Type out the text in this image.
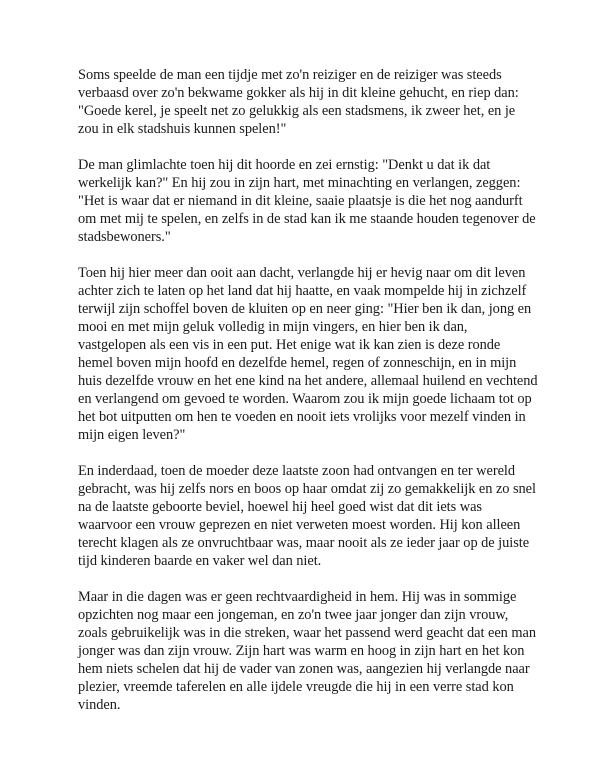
Soms speelde de man een tijdje met zo'n reiziger en de reiziger was steeds verbaasd over zo'n bekwame gokker als hij in dit kleine gehucht, en riep dan: "Goede kerel, je speelt net zo gelukkig als een stadsmens, ik zweer het, en je zou in elk stadshuis kunnen spelen!"

De man glimlachte toen hij dit hoorde en zei ernstig: "Denkt u dat ik dat werkelijk kan?" En hij zou in zijn hart, met minachting en verlangen, zeggen: "Het is waar dat er niemand in dit kleine, saaie plaatsje is die het nog aandurft om met mij te spelen, en zelfs in de stad kan ik me staande houden tegenover de stadsbewoners."

Toen hij hier meer dan ooit aan dacht, verlangde hij er hevig naar om dit leven achter zich te laten op het land dat hij haatte, en vaak mompelde hij in zichzelf terwijl zijn schoffel boven de kluiten op en neer ging: "Hier ben ik dan, jong en mooi en met mijn geluk volledig in mijn vingers, en hier ben ik dan, vastgelopen als een vis in een put. Het enige wat ik kan zien is deze ronde hemel boven mijn hoofd en dezelfde hemel, regen of zonneschijn, en in mijn huis dezelfde vrouw en het ene kind na het andere, allemaal huilend en vechtend en verlangend om gevoed te worden. Waarom zou ik mijn goede lichaam tot op het bot uitputten om hen te voeden en nooit iets vrolijks voor mezelf vinden in mijn eigen leven?"

En inderdaad, toen de moeder deze laatste zoon had ontvangen en ter wereld gebracht, was hij zelfs nors en boos op haar omdat zij zo gemakkelijk en zo snel na de laatste geboorte beviel, hoewel hij heel goed wist dat dit iets was waarvoor een vrouw geprezen en niet verweten moest worden. Hij kon alleen terecht klagen als ze onvruchtbaar was, maar nooit als ze ieder jaar op de juiste tijd kinderen baarde en vaker wel dan niet.

Maar in die dagen was er geen rechtvaardigheid in hem. Hij was in sommige opzichten nog maar een jongeman, en zo'n twee jaar jonger dan zijn vrouw, zoals gebruikelijk was in die streken, waar het passend werd geacht dat een man jonger was dan zijn vrouw. Zijn hart was warm en hoog in zijn hart en het kon hem niets schelen dat hij de vader van zonen was, aangezien hij verlangde naar plezier, vreemde taferelen en alle ijdele vreugde die hij in een verre stad kon vinden.
